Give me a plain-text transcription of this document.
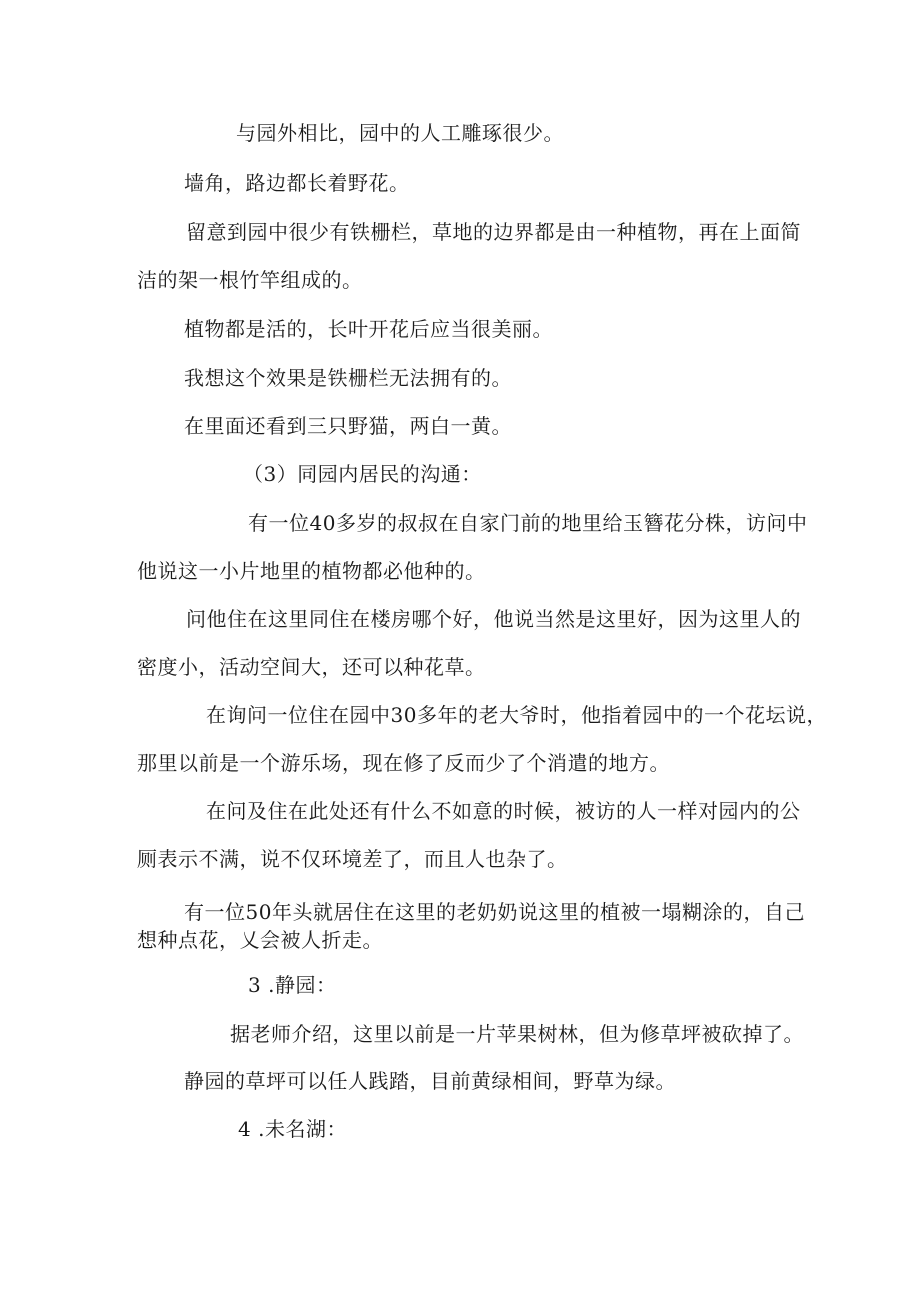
与园外相比，园中的人工雕琢很少。
墙角，路边都长着野花。
留意到园中很少有铁栅栏，草地的边界都是由一种植物，再在上面简
洁的架一根竹竿组成的。
植物都是活的，长叶开花后应当很美丽。
我想这个效果是铁栅栏无法拥有的。
在里面还看到三只野猫，两白一黄。
（3）同园内居民的沟通：
有一位40多岁的叔叔在自家门前的地里给玉簪花分株，访问中
他说这一小片地里的植物都必他种的。
问他住在这里同住在楼房哪个好，他说当然是这里好，因为这里人的
密度小，活动空间大，还可以种花草。
在询问一位住在园中30多年的老大爷时，他指着园中的一个花坛说，
那里以前是一个游乐场，现在修了反而少了个消遣的地方。
在问及住在此处还有什么不如意的时候，被访的人一样对园内的公
厕表示不满，说不仅环境差了，而且人也杂了。
有一位50年头就居住在这里的老奶奶说这里的植被一塌糊涂的，自己
想种点花，乂会被人折走。
3 .静园：
据老师介绍，这里以前是一片苹果树林，但为修草坪被砍掉了。
静园的草坪可以任人践踏，目前黄绿相间，野草为绿。
4 .未名湖：
